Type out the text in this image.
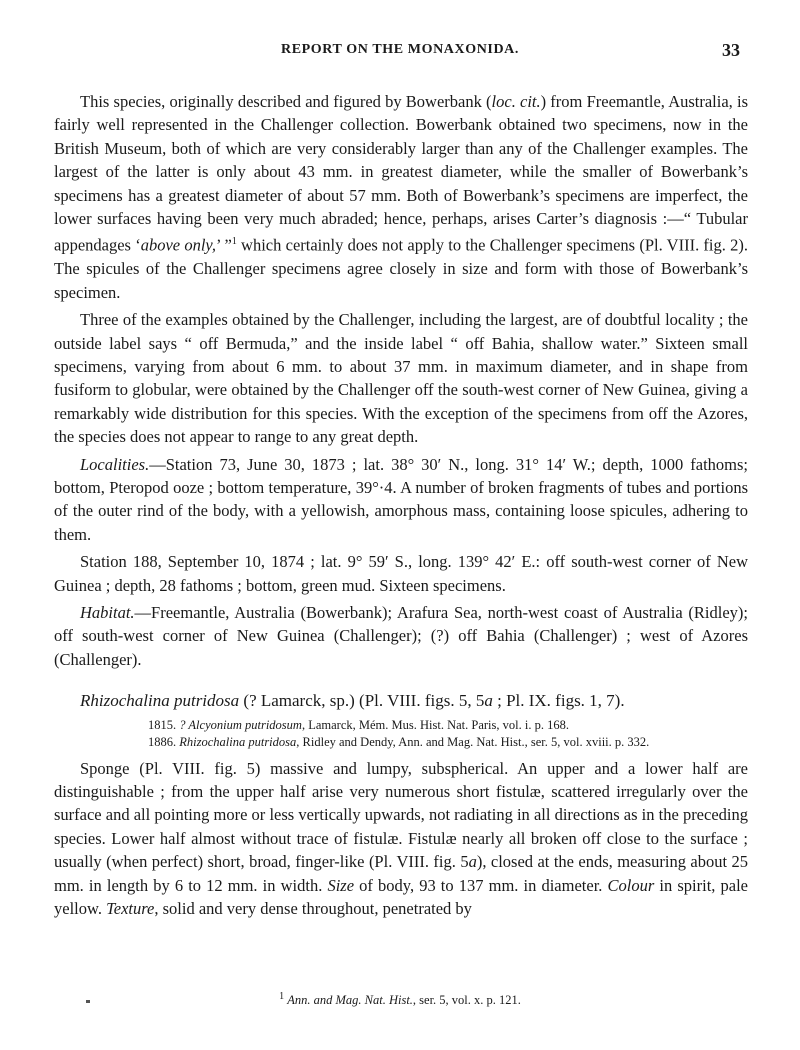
REPORT ON THE MONAXONIDA.	33

This species, originally described and figured by Bowerbank (loc. cit.) from Freemantle, Australia, is fairly well represented in the Challenger collection. Bowerbank obtained two specimens, now in the British Museum, both of which are very considerably larger than any of the Challenger examples. The largest of the latter is only about 43 mm. in greatest diameter, while the smaller of Bowerbank’s specimens has a greatest diameter of about 57 mm. Both of Bowerbank’s specimens are imperfect, the lower surfaces having been very much abraded; hence, perhaps, arises Carter’s diagnosis :—“ Tubular appendages ‘above only,’ ”$^1$ which certainly does not apply to the Challenger specimens (Pl. VIII. fig. 2). The spicules of the Challenger specimens agree closely in size and form with those of Bowerbank’s specimen.

Three of the examples obtained by the Challenger, including the largest, are of doubtful locality ; the outside label says “ off Bermuda,” and the inside label “ off Bahia, shallow water.” Sixteen small specimens, varying from about 6 mm. to about 37 mm. in maximum diameter, and in shape from fusiform to globular, were obtained by the Challenger off the south-west corner of New Guinea, giving a remarkably wide distribution for this species. With the exception of the specimens from off the Azores, the species does not appear to range to any great depth.

Localities.—Station 73, June 30, 1873 ; lat. 38° 30′ N., long. 31° 14′ W.; depth, 1000 fathoms; bottom, Pteropod ooze ; bottom temperature, 39°·4. A number of broken fragments of tubes and portions of the outer rind of the body, with a yellowish, amorphous mass, containing loose spicules, adhering to them.

Station 188, September 10, 1874 ; lat. 9° 59′ S., long. 139° 42′ E.: off south-west corner of New Guinea ; depth, 28 fathoms ; bottom, green mud. Sixteen specimens.

Habitat.—Freemantle, Australia (Bowerbank); Arafura Sea, north-west coast of Australia (Ridley); off south-west corner of New Guinea (Challenger); (?) off Bahia (Challenger) ; west of Azores (Challenger).

Rhizochalina putridosa (? Lamarck, sp.) (Pl. VIII. figs. 5, 5a ; Pl. IX. figs. 1, 7).
1815. ? Alcyonium putridosum, Lamarck, Mém. Mus. Hist. Nat. Paris, vol. i. p. 168.
1886. Rhizochalina putridosa, Ridley and Dendy, Ann. and Mag. Nat. Hist., ser. 5, vol. xviii. p. 332.

Sponge (Pl. VIII. fig. 5) massive and lumpy, subspherical. An upper and a lower half are distinguishable ; from the upper half arise very numerous short fistulæ, scattered irregularly over the surface and all pointing more or less vertically upwards, not radiating in all directions as in the preceding species. Lower half almost without trace of fistulæ. Fistulæ nearly all broken off close to the surface ; usually (when perfect) short, broad, finger-like (Pl. VIII. fig. 5a), closed at the ends, measuring about 25 mm. in length by 6 to 12 mm. in width. Size of body, 93 to 137 mm. in diameter. Colour in spirit, pale yellow. Texture, solid and very dense throughout, penetrated by

$^1$ Ann. and Mag. Nat. Hist., ser. 5, vol. x. p. 121.
